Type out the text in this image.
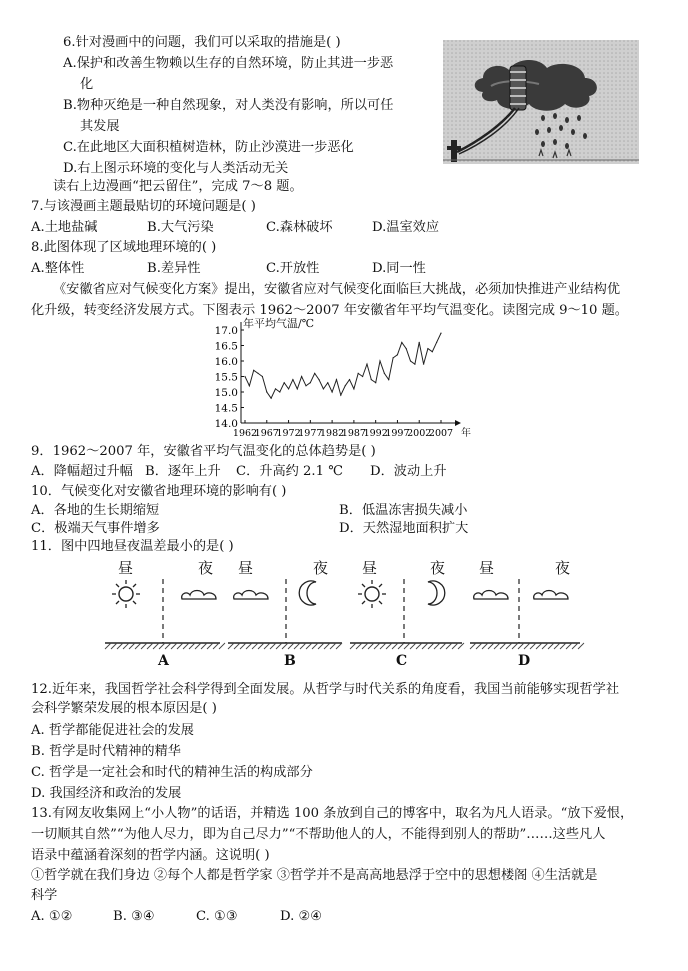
6.针对漫画中的问题，我们可以采取的措施是( )
A.保护和改善生物赖以生存的自然环境，防止其进一步恶
化
B.物种灭绝是一种自然现象，对人类没有影响，所以可任
其发展
C.在此地区大面积植树造林，防止沙漠进一步恶化
D.右上图示环境的变化与人类活动无关
读右上边漫画“把云留住”，完成 7～8 题。
7.与该漫画主题最贴切的环境问题是( )
A.土地盐碱	B.大气污染	C.森林破坏	D.温室效应
8.此图体现了区域地理环境的( )
A.整体性	B.差异性	C.开放性	D.同一性
《安徽省应对气候变化方案》提出，安徽省应对气候变化面临巨大挑战，必须加快推进产业结构优
化升级，转变经济发展方式。下图表示 1962～2007 年安徽省年平均气温变化。读图完成 9～10 题。
年平均气温/℃
14.0
14.5
15.0
15.5
16.0
16.5
17.0
1962
1967
1972
1977
1982
1987
1992
1997
2002
2007 年
9．1962～2007 年，安徽省平均气温变化的总体趋势是( )
A．降幅超过升幅 B．逐年上升 C．升高约 2.1 ℃ D．波动上升
10．气候变化对安徽省地理环境的影响有( )
A．各地的生长期缩短	B．低温冻害损失减小
C．极端天气事件增多	D．天然湿地面积扩大
11．图中四地昼夜温差最小的是( )
昼	夜 昼	夜 昼	夜 昼	夜
A	B	C	D
12.近年来，我国哲学社会科学得到全面发展。从哲学与时代关系的角度看，我国当前能够实现哲学社
会科学繁荣发展的根本原因是( )
A. 哲学都能促进社会的发展
B. 哲学是时代精神的精华
C. 哲学是一定社会和时代的精神生活的构成部分
D. 我国经济和政治的发展
13.有网友收集网上“小人物”的话语，并精选 100 条放到自己的博客中，取名为凡人语录。“放下爱恨，
一切顺其自然”“为他人尽力，即为自己尽力”“不帮助他人的人，不能得到别人的帮助”……这些凡人
语录中蕴涵着深刻的哲学内涵。这说明( )
①哲学就在我们身边 ②每个人都是哲学家 ③哲学并不是高高地悬浮于空中的思想楼阁 ④生活就是
科学
A. ①②	B. ③④	C. ①③	D. ②④
